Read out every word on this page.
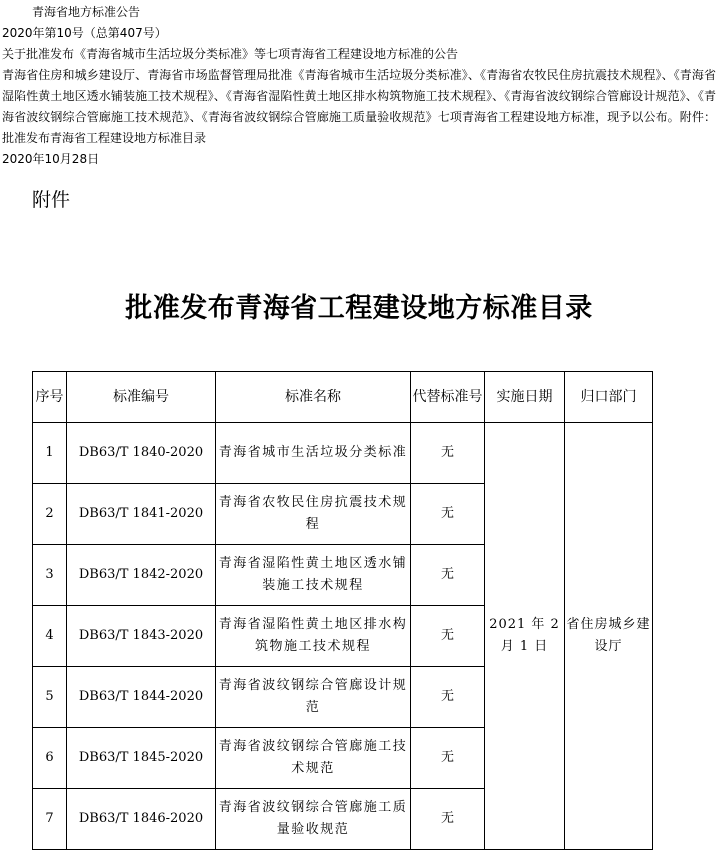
青海省地方标准公告
2020年第10号（总第407号）
关于批准发布《青海省城市生活垃圾分类标准》等七项青海省工程建设地方标准的公告
青海省住房和城乡建设厅、青海省市场监督管理局批准《青海省城市生活垃圾分类标准》、《青海省农牧民住房抗震技术规程》、《青海省湿陷性黄土地区透水铺装施工技术规程》、《青海省湿陷性黄土地区排水构筑物施工技术规程》、《青海省波纹钢综合管廊设计规范》、《青海省波纹钢综合管廊施工技术规范》、《青海省波纹钢综合管廊施工质量验收规范》七项青海省工程建设地方标准，现予以公布。附件：批准发布青海省工程建设地方标准目录
2020年10月28日
附件
批准发布青海省工程建设地方标准目录
序号	标准编号	标准名称	代替标准号	实施日期	归口部门
1	DB63/T 1840-2020	青海省城市生活垃圾分类标准	无	2021 年 2 月 1 日	省住房城乡建设厅
2	DB63/T 1841-2020	青海省农牧民住房抗震技术规程	无		
3	DB63/T 1842-2020	青海省湿陷性黄土地区透水铺装施工技术规程	无		
4	DB63/T 1843-2020	青海省湿陷性黄土地区排水构筑物施工技术规程	无		
5	DB63/T 1844-2020	青海省波纹钢综合管廊设计规范	无		
6	DB63/T 1845-2020	青海省波纹钢综合管廊施工技术规范	无		
7	DB63/T 1846-2020	青海省波纹钢综合管廊施工质量验收规范	无		
